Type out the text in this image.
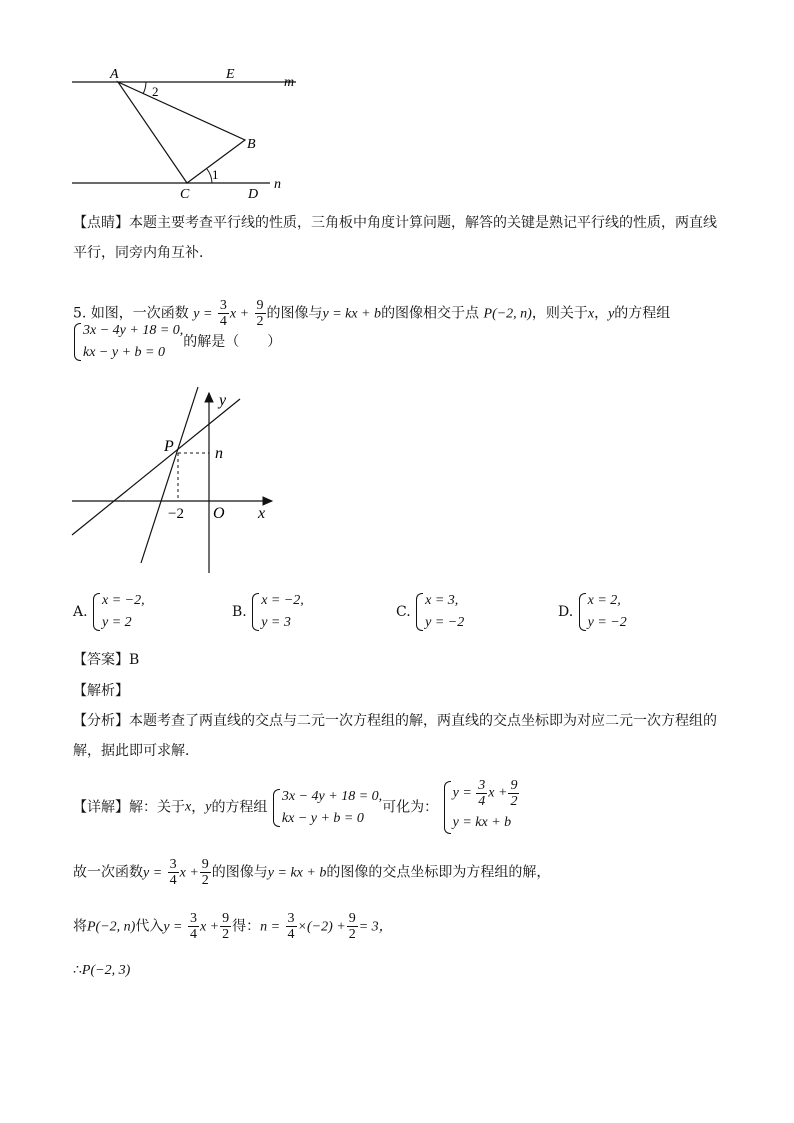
A	E
m
2
B
C	D
n
1
【点睛】本题主要考查平行线的性质，三角板中角度计算问题，解答的关键是熟记平行线的性质，两直线
平行，同旁内角互补．
5. 如图，一次函数 $y = \frac{3}{4}$ $x + \frac{9}{2}$ 的图像与y = kx + b的图像相交于点 P(−2, n)，则关于x，y的方程组
3x − 4y + 18 = 0,
kx − y + b = 0
的解是（　　）
y
P	n
−2 O x
A.
x = −2,
y = 2
B.
x = −2,
y = 3
C.
x = 3,
y = −2
D.
x = 2,
y = −2
【答案】B
【解析】
【分析】本题考查了两直线的交点与二元一次方程组的解，两直线的交点坐标即为对应二元一次方程组的
解，据此即可求解．
【详解】解：关于x，y的方程组
3x − 4y + 18 = 0,
kx − y + b = 0
可化为：
$y = \frac{3}{4}$ $x + \frac{9}{2}$
y = kx + b
故一次函数$y = \frac{3}{4}$ $x + \frac{9}{2}$ 的图像与y = kx + b的图像的交点坐标即为方程组的解，
将P(−2, n)代入$y = \frac{3}{4}$ $x + \frac{9}{2}$ 得：$n = \frac{3}{4} \times(-2) + \frac{9}{2} = 3$，
∴P(−2, 3)
